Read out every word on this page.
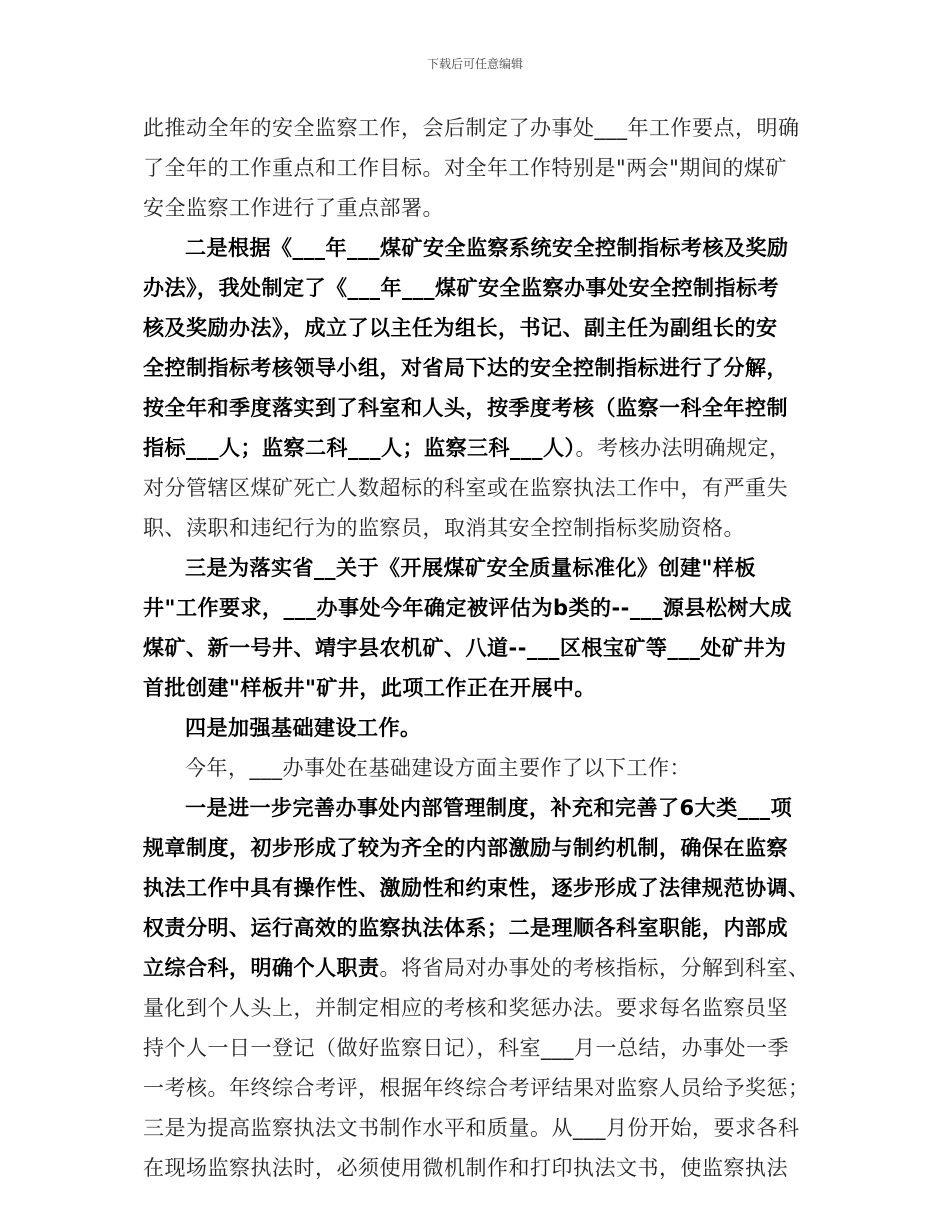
下载后可任意编辑
此推动全年的安全监察工作，会后制定了办事处___年工作要点，明确
了全年的工作重点和工作目标。对全年工作特别是"两会"期间的煤矿
安全监察工作进行了重点部署。
二是根据《___年___煤矿安全监察系统安全控制指标考核及奖励
办法》，我处制定了《___年___煤矿安全监察办事处安全控制指标考
核及奖励办法》，成立了以主任为组长，书记、副主任为副组长的安
全控制指标考核领导小组，对省局下达的安全控制指标进行了分解，
按全年和季度落实到了科室和人头，按季度考核（监察一科全年控制
指标___人；监察二科___人；监察三科___人）。考核办法明确规定，
对分管辖区煤矿死亡人数超标的科室或在监察执法工作中，有严重失
职、渎职和违纪行为的监察员，取消其安全控制指标奖励资格。
三是为落实省__关于《开展煤矿安全质量标准化》创建"样板
井"工作要求，___办事处今年确定被评估为b类的--___源县松树大成
煤矿、新一号井、靖宇县农机矿、八道--___区根宝矿等___处矿井为
首批创建"样板井"矿井，此项工作正在开展中。
四是加强基础建设工作。
今年，___办事处在基础建设方面主要作了以下工作：
一是进一步完善办事处内部管理制度，补充和完善了6大类___项
规章制度，初步形成了较为齐全的内部激励与制约机制，确保在监察
执法工作中具有操作性、激励性和约束性，逐步形成了法律规范协调、
权责分明、运行高效的监察执法体系；二是理顺各科室职能，内部成
立综合科，明确个人职责。将省局对办事处的考核指标，分解到科室、
量化到个人头上，并制定相应的考核和奖惩办法。要求每名监察员坚
持个人一日一登记（做好监察日记），科室___月一总结，办事处一季
一考核。年终综合考评，根据年终综合考评结果对监察人员给予奖惩；
三是为提高监察执法文书制作水平和质量。从___月份开始，要求各科
在现场监察执法时，必须使用微机制作和打印执法文书，使监察执法
